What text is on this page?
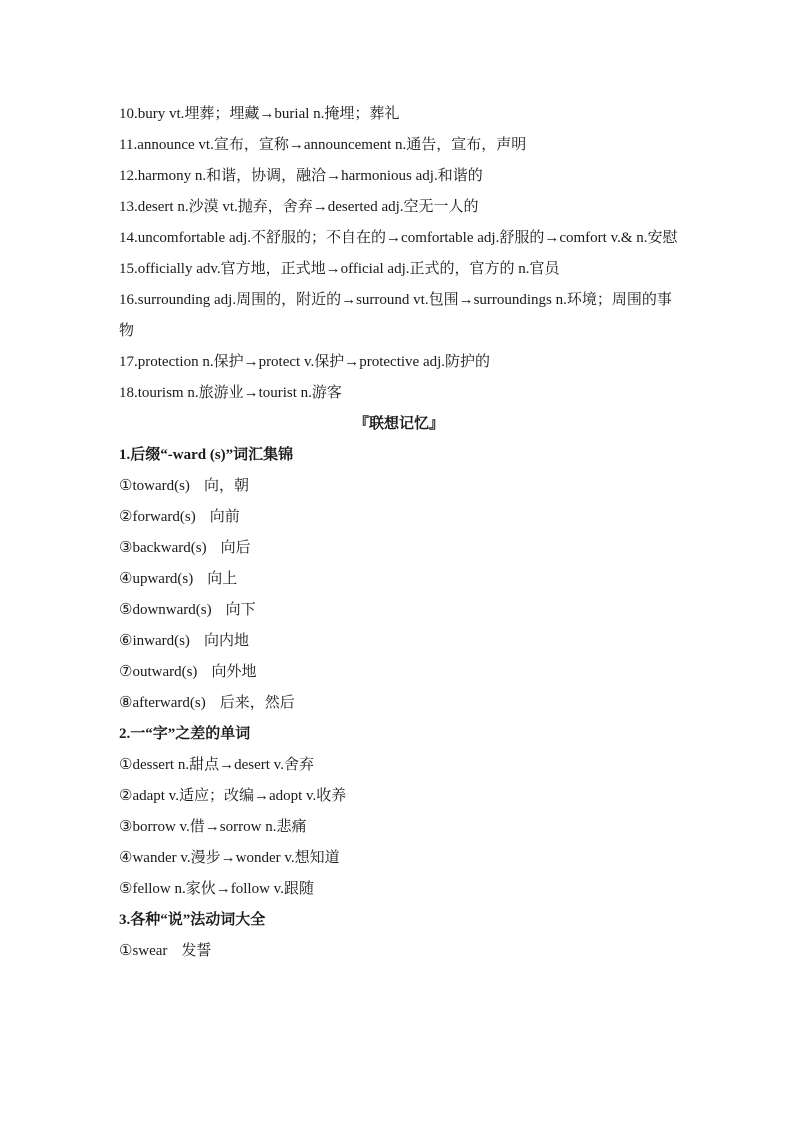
10.bury vt.埋葬；埋藏→burial n.掩埋；葬礼
11.announce vt.宣布，宣称→announcement n.通告，宣布，声明
12.harmony n.和谐，协调，融洽→harmonious adj.和谐的
13.desert n.沙漠 vt.抛弃，舍弃→deserted adj.空无一人的
14.uncomfortable adj.不舒服的；不自在的→comfortable adj.舒服的→comfort v.& n.安慰
15.officially adv.官方地，正式地→official adj.正式的，官方的 n.官员
16.surrounding adj.周围的，附近的→surround vt.包围→surroundings n.环境；周围的事物
17.protection n.保护→protect v.保护→protective adj.防护的
18.tourism n.旅游业→tourist n.游客
『联想记忆』
1.后缀“-ward (s)”词汇集锦
①toward(s) 向，朝
②forward(s) 向前
③backward(s) 向后
④upward(s) 向上
⑤downward(s) 向下
⑥inward(s) 向内地
⑦outward(s) 向外地
⑧afterward(s) 后来，然后
2.一“字”之差的单词
①dessert n.甜点→desert v.舍弃
②adapt v.适应；改编→adopt v.收养
③borrow v.借→sorrow n.悲痛
④wander v.漫步→wonder v.想知道
⑤fellow n.家伙→follow v.跟随
3.各种“说”法动词大全
①swear 发誓
